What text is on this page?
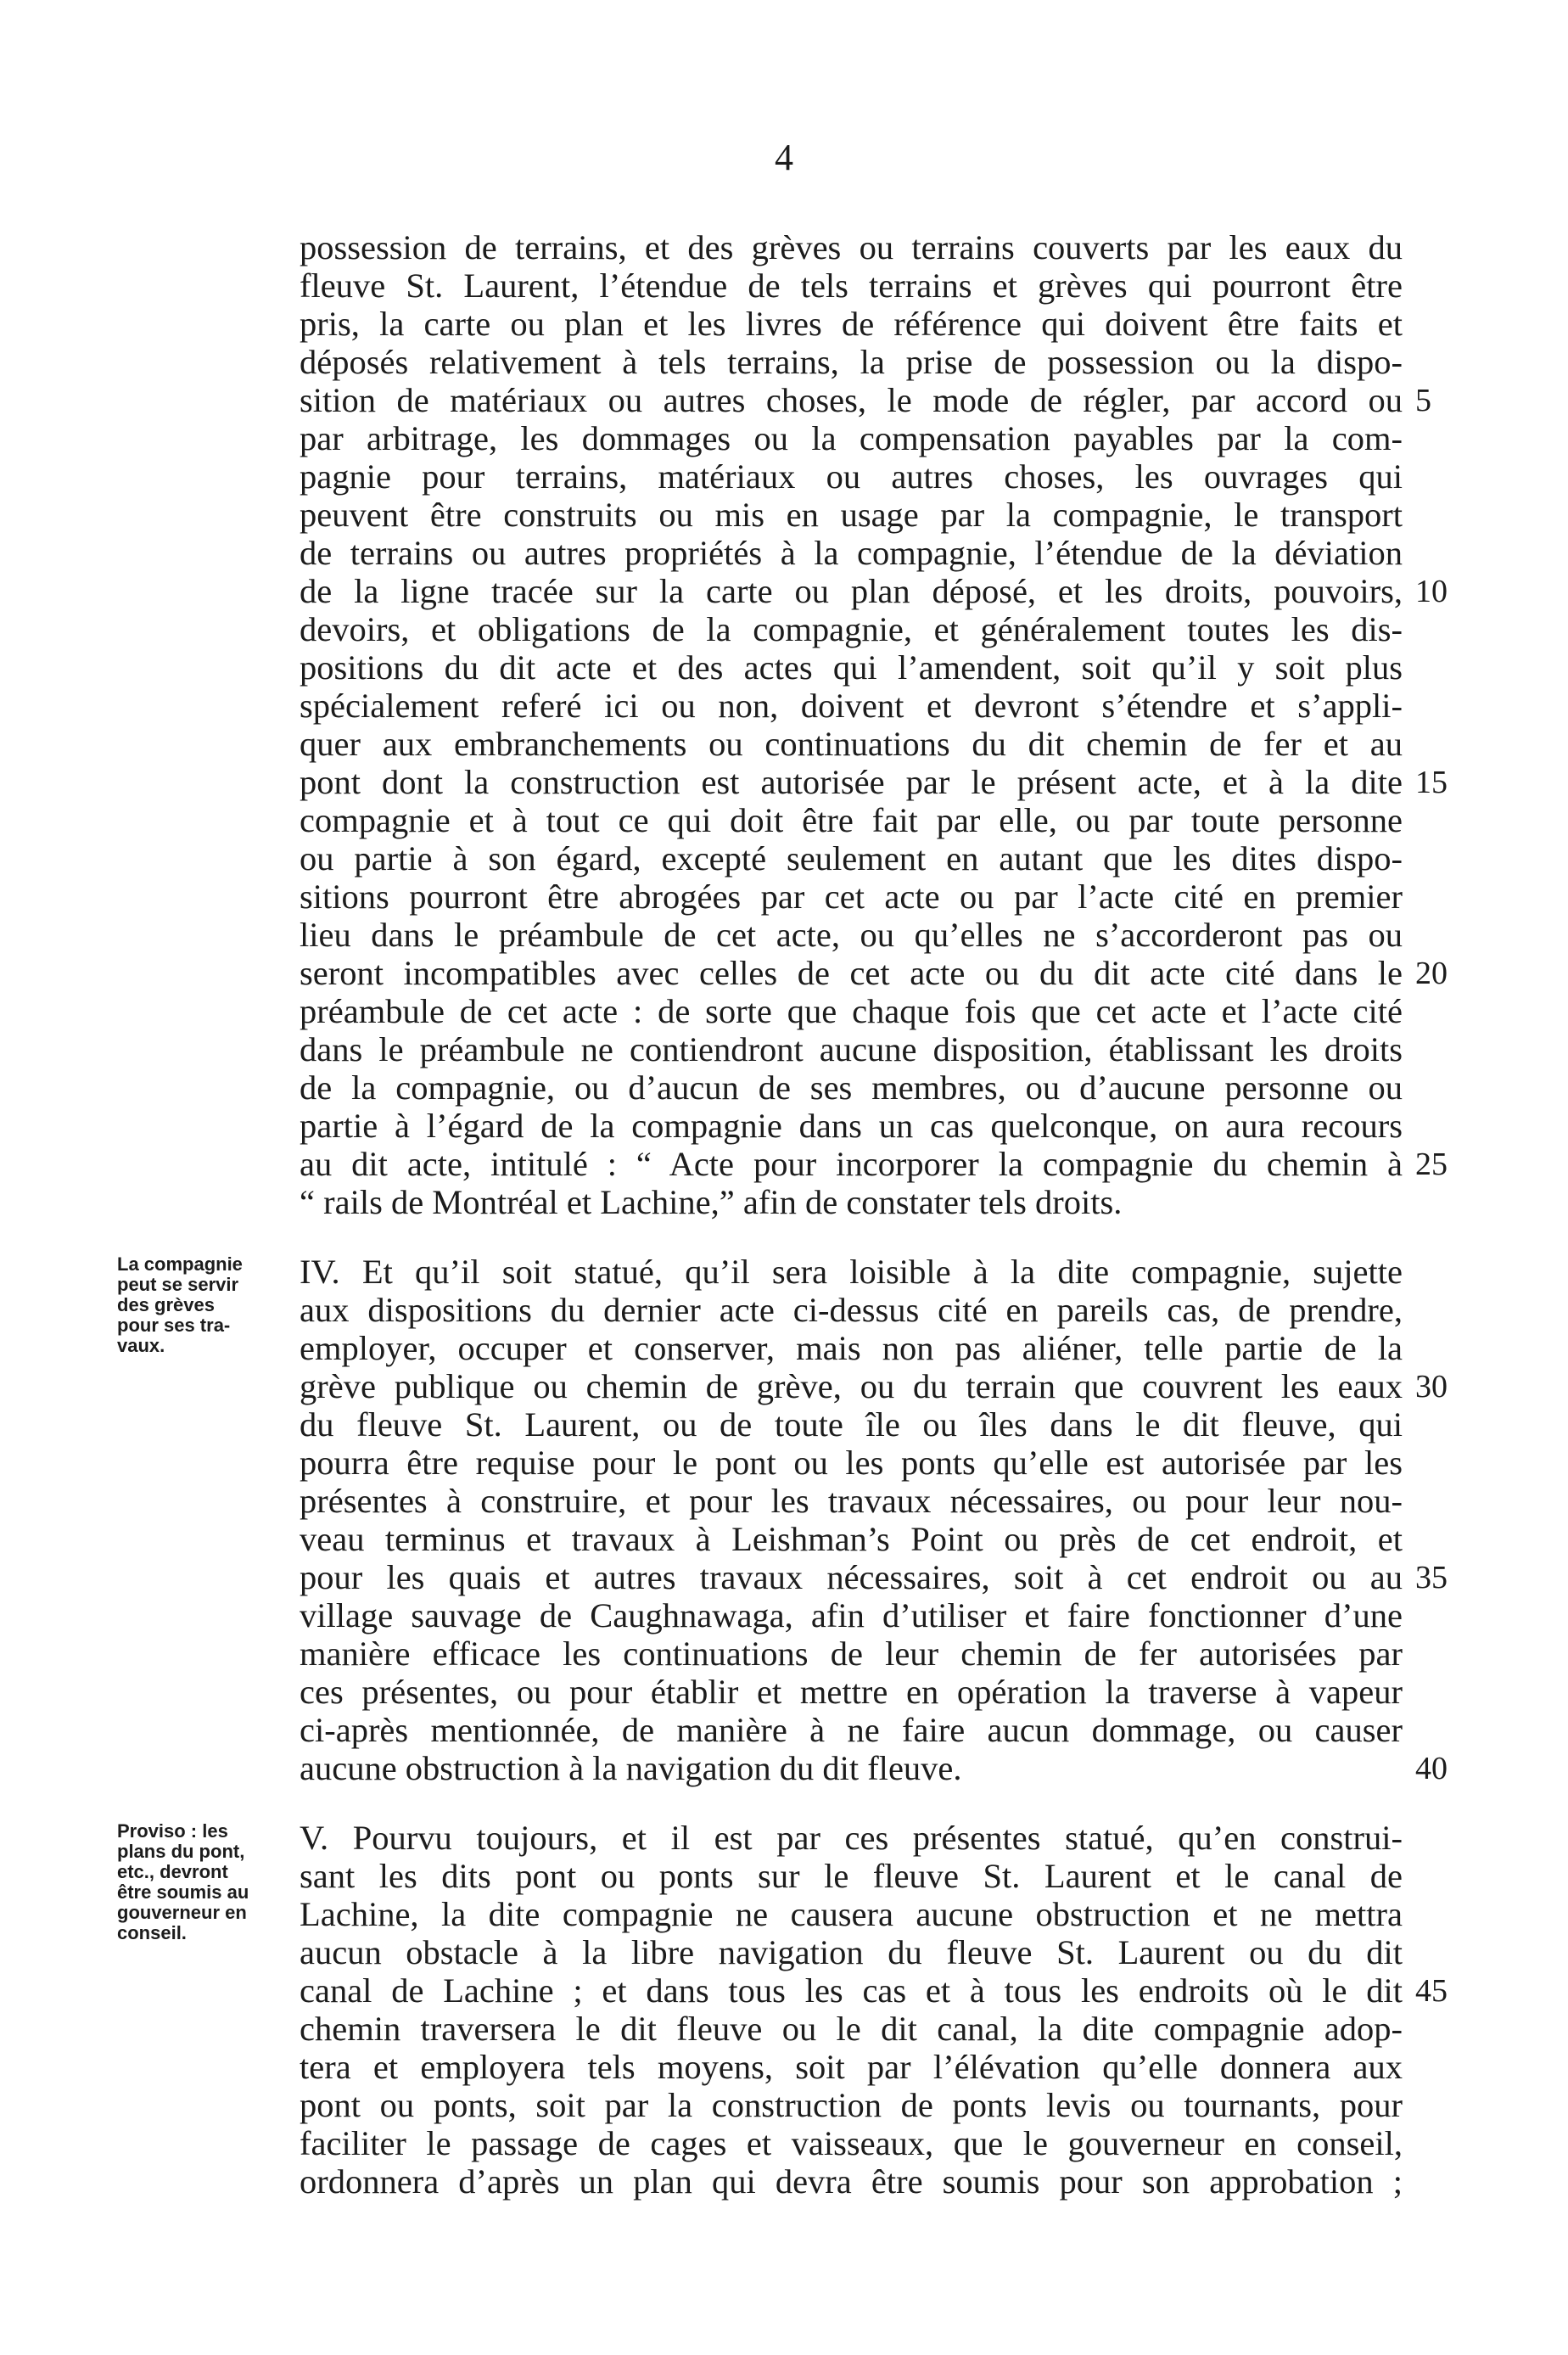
4
possession de terrains, et des grèves ou terrains couverts par les eaux du
fleuve St. Laurent, l’étendue de tels terrains et grèves qui pourront être
pris, la carte ou plan et les livres de référence qui doivent être faits et
déposés relativement à tels terrains, la prise de possession ou la dispo-
sition de matériaux ou autres choses, le mode de régler, par accord ou
par arbitrage, les dommages ou la compensation payables par la com-
pagnie pour terrains, matériaux ou autres choses, les ouvrages qui
peuvent être construits ou mis en usage par la compagnie, le transport
de terrains ou autres propriétés à la compagnie, l’étendue de la déviation
de la ligne tracée sur la carte ou plan déposé, et les droits, pouvoirs,
devoirs, et obligations de la compagnie, et généralement toutes les dis-
positions du dit acte et des actes qui l’amendent, soit qu’il y soit plus
spécialement referé ici ou non, doivent et devront s’étendre et s’appli-
quer aux embranchements ou continuations du dit chemin de fer et au
pont dont la construction est autorisée par le présent acte, et à la dite
compagnie et à tout ce qui doit être fait par elle, ou par toute personne
ou partie à son égard, excepté seulement en autant que les dites dispo-
sitions pourront être abrogées par cet acte ou par l’acte cité en premier
lieu dans le préambule de cet acte, ou qu’elles ne s’accorderont pas ou
seront incompatibles avec celles de cet acte ou du dit acte cité dans le
préambule de cet acte : de sorte que chaque fois que cet acte et l’acte cité
dans le préambule ne contiendront aucune disposition, établissant les droits
de la compagnie, ou d’aucun de ses membres, ou d’aucune personne ou
partie à l’égard de la compagnie dans un cas quelconque, on aura recours
au dit acte, intitulé : “ Acte pour incorporer la compagnie du chemin à
“ rails de Montréal et Lachine,” afin de constater tels droits.
IV. Et qu’il soit statué, qu’il sera loisible à la dite compagnie, sujette
aux dispositions du dernier acte ci-dessus cité en pareils cas, de prendre,
employer, occuper et conserver, mais non pas aliéner, telle partie de la
grève publique ou chemin de grève, ou du terrain que couvrent les eaux
du fleuve St. Laurent, ou de toute île ou îles dans le dit fleuve, qui
pourra être requise pour le pont ou les ponts qu’elle est autorisée par les
présentes à construire, et pour les travaux nécessaires, ou pour leur nou-
veau terminus et travaux à Leishman’s Point ou près de cet endroit, et
pour les quais et autres travaux nécessaires, soit à cet endroit ou au
village sauvage de Caughnawaga, afin d’utiliser et faire fonctionner d’une
manière efficace les continuations de leur chemin de fer autorisées par
ces présentes, ou pour établir et mettre en opération la traverse à vapeur
ci-après mentionnée, de manière à ne faire aucun dommage, ou causer
aucune obstruction à la navigation du dit fleuve.
V. Pourvu toujours, et il est par ces présentes statué, qu’en construi-
sant les dits pont ou ponts sur le fleuve St. Laurent et le canal de
Lachine, la dite compagnie ne causera aucune obstruction et ne mettra
aucun obstacle à la libre navigation du fleuve St. Laurent ou du dit
canal de Lachine ; et dans tous les cas et à tous les endroits où le dit
chemin traversera le dit fleuve ou le dit canal, la dite compagnie adop-
tera et employera tels moyens, soit par l’élévation qu’elle donnera aux
pont ou ponts, soit par la construction de ponts levis ou tournants, pour
faciliter le passage de cages et vaisseaux, que le gouverneur en conseil,
ordonnera d’après un plan qui devra être soumis pour son approbation ;
5
10
15
20
25
30
35
40
45
La compagnie
peut se servir
des grèves
pour ses tra-
vaux.
Proviso : les
plans du pont,
etc., devront
être soumis au
gouverneur en
conseil.
